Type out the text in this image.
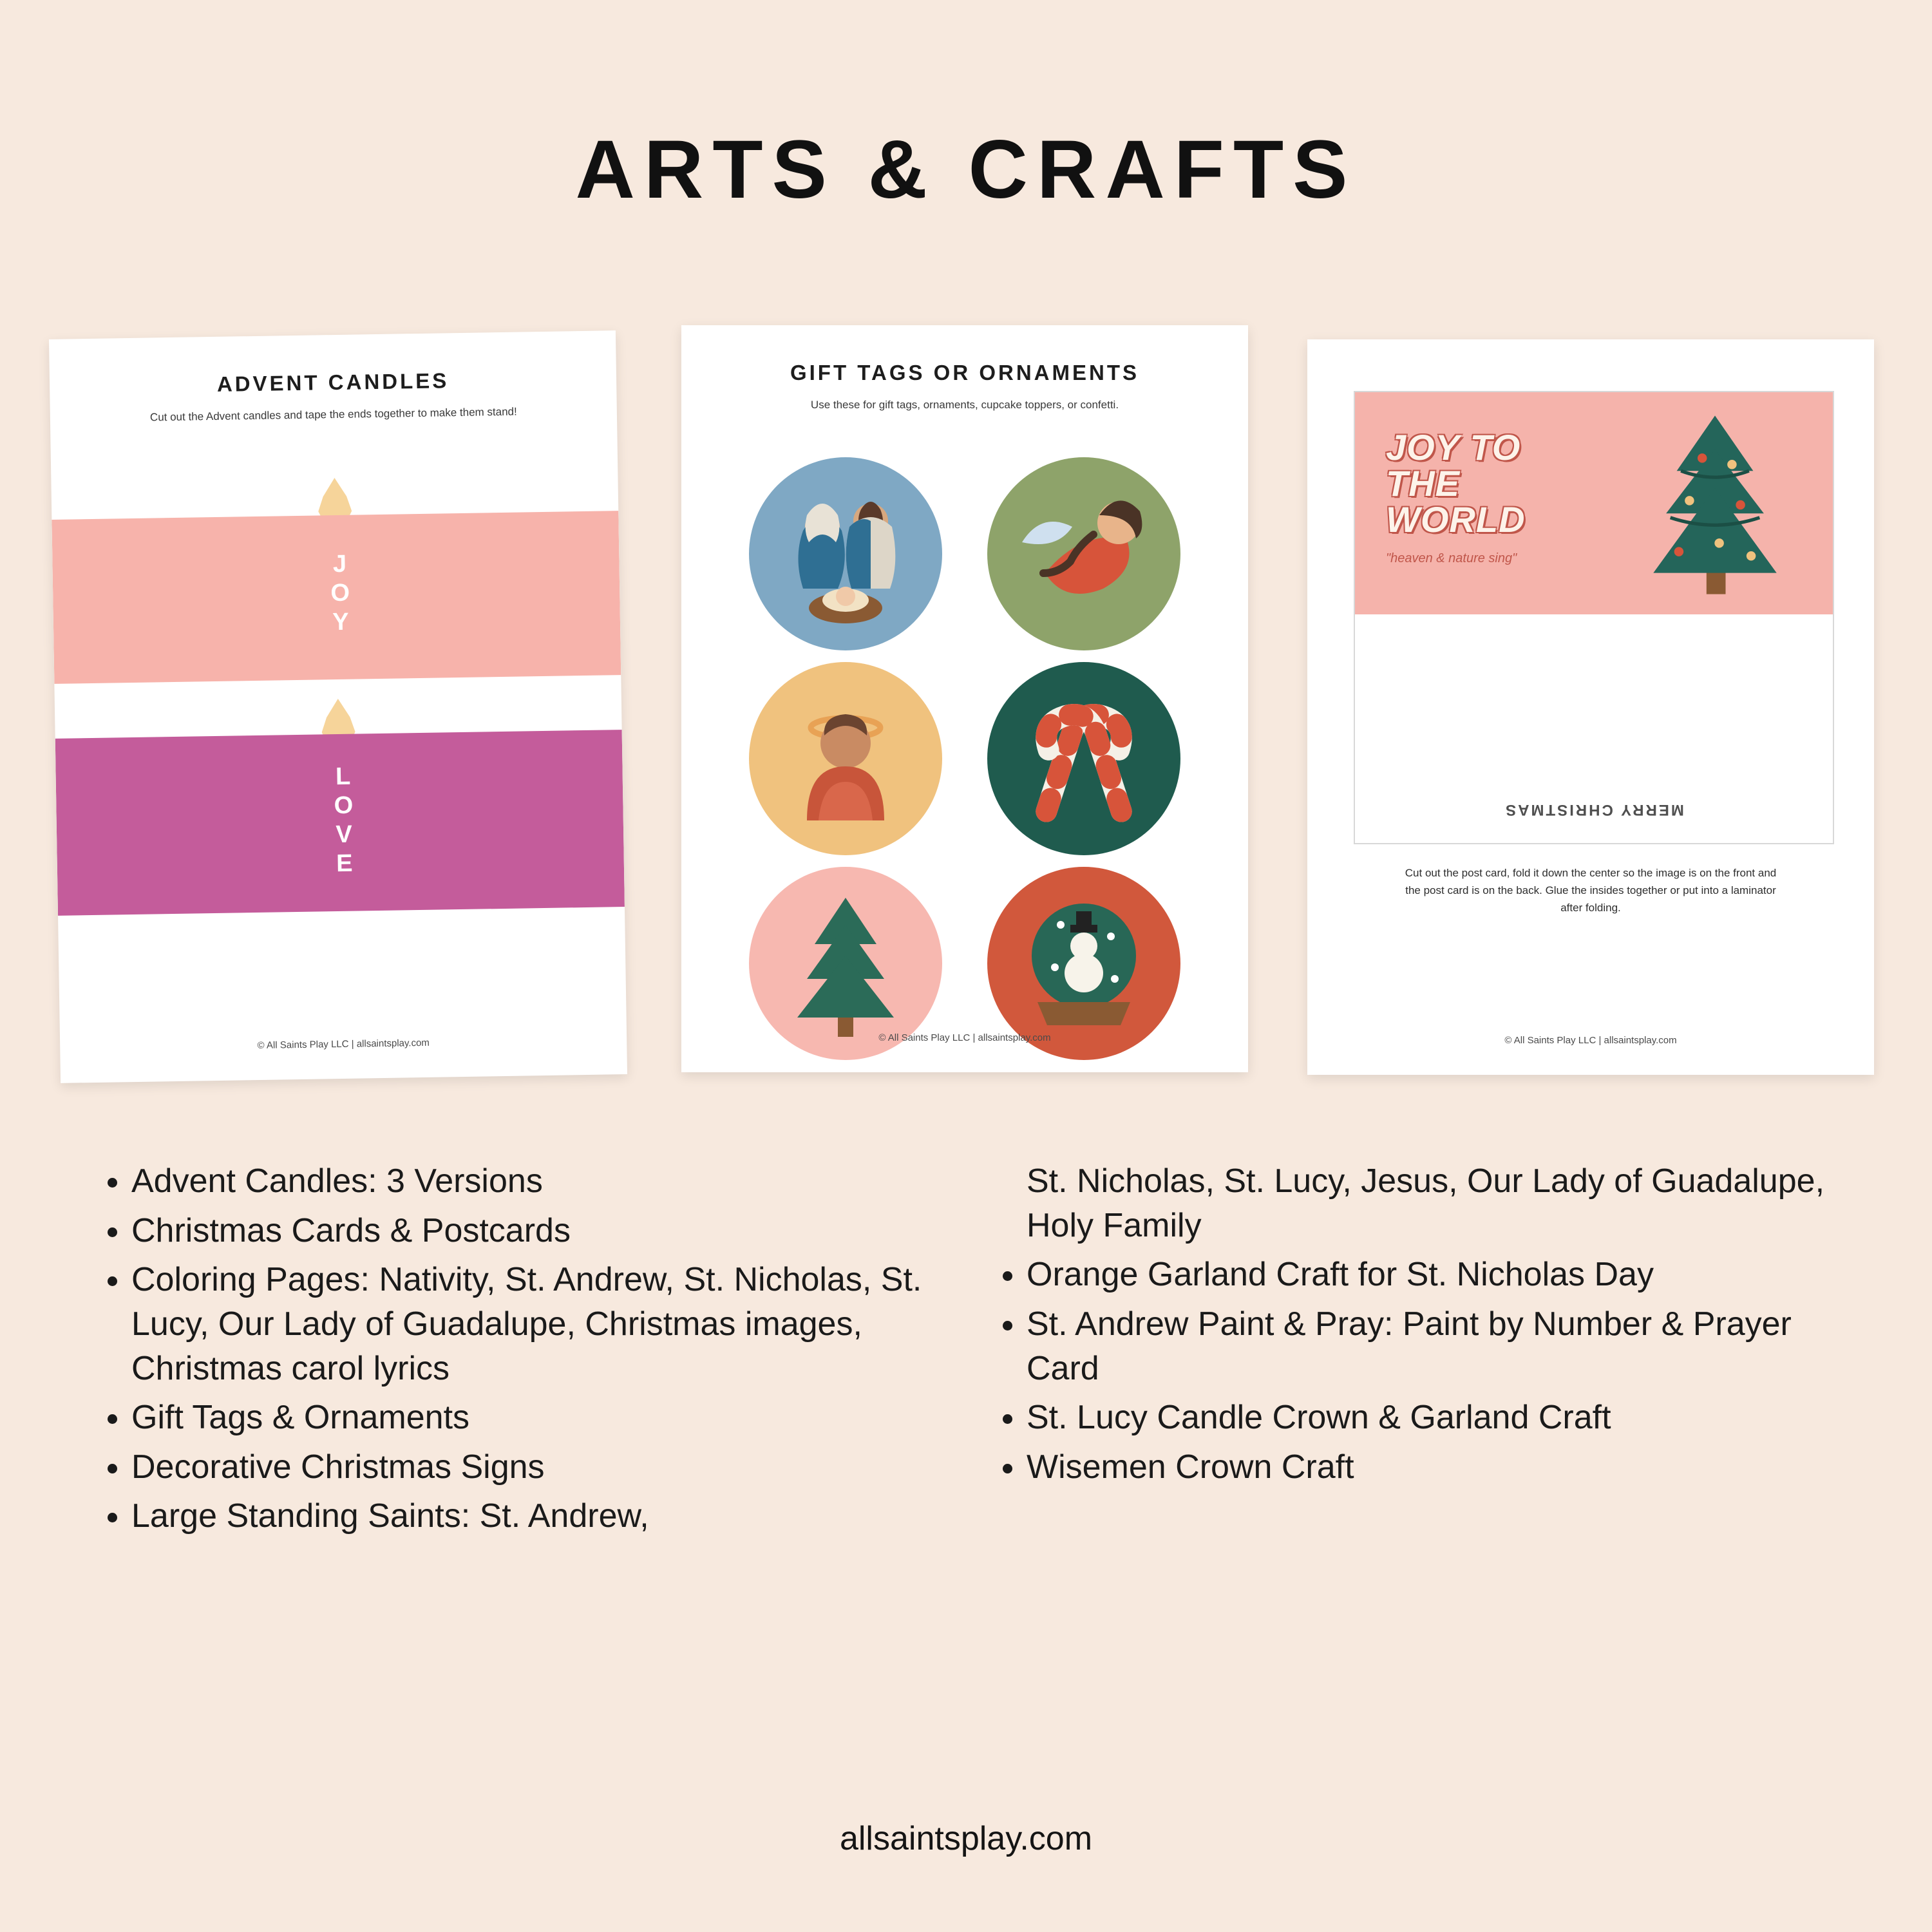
ARTS & CRAFTS
ADVENT CANDLES
Cut out the Advent candles and tape the ends together to make them stand!
JOY
LOVE
© All Saints Play LLC | allsaintsplay.com
GIFT TAGS OR ORNAMENTS
Use these for gift tags, ornaments, cupcake toppers, or confetti.
© All Saints Play LLC | allsaintsplay.com
JOY TO
THE
WORLD
"heaven & nature sing"
MERRY CHRISTMAS
Cut out the post card, fold it down the center so the image is on the front and the post card is on the back. Glue the insides together or put into a laminator after folding.
© All Saints Play LLC | allsaintsplay.com
• Advent Candles: 3 Versions
• Christmas Cards & Postcards
• Coloring Pages: Nativity, St. Andrew, St. Nicholas, St. Lucy, Our Lady of Guadalupe, Christmas images, Christmas carol lyrics
• Gift Tags & Ornaments
• Decorative Christmas Signs
• Large Standing Saints: St. Andrew,

St. Nicholas, St. Lucy, Jesus, Our Lady of Guadalupe, Holy Family

• Orange Garland Craft for St. Nicholas Day
• St. Andrew Paint & Pray: Paint by Number & Prayer Card
• St. Lucy Candle Crown & Garland Craft
• Wisemen Crown Craft
allsaintsplay.com
